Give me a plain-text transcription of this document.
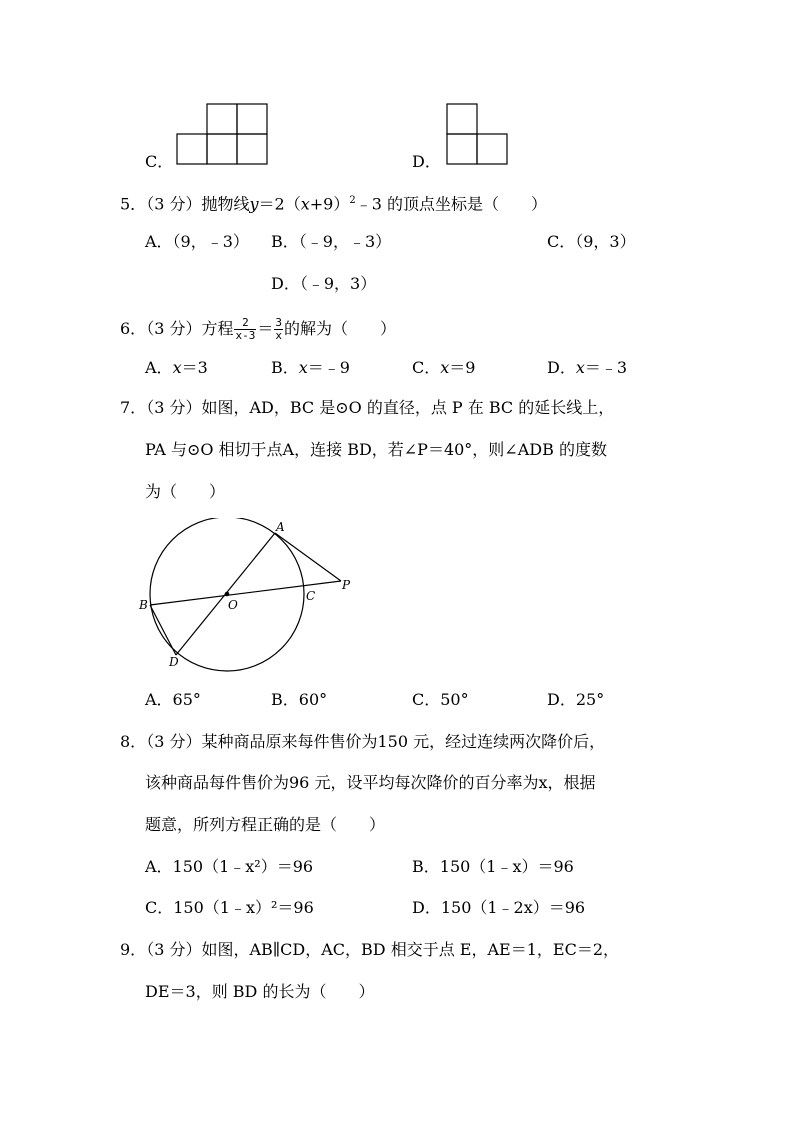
C．	D．
5．（3 分）抛物线$y=2(x+9)^2﹣3$ 的顶点坐标是（　　）
A．（9，﹣3） B．（﹣9，﹣3）	C．（9，3）
D．（﹣9，3）
6．（3 分）方程 $\frac{2}{x-3} = \frac{3}{x}$ 的解为（　　）
A．x＝3	B．x＝﹣9	C．x＝9	D．x＝﹣3
7．（3 分）如图，AD，BC 是⊙O 的直径，点 P 在 BC 的延长线上，
PA 与⊙O 相切于点A，连接 BD，若∠P＝40°，则∠ADB 的度数
为（　　）
A
B
C
D
O
P
A．65°	B．60°	C．50°	D．25°
8．（3 分）某种商品原来每件售价为150 元，经过连续两次降价后，
该种商品每件售价为96 元，设平均每次降价的百分率为x，根据
题意，所列方程正确的是（　　）
A．150（1﹣x²）＝96	B．150（1﹣x）＝96
C．150（1﹣x）²＝96	D．150（1﹣2x）＝96
9．（3 分）如图，AB∥CD，AC，BD 相交于点 E，AE＝1，EC＝2，
DE＝3，则 BD 的长为（　　）
